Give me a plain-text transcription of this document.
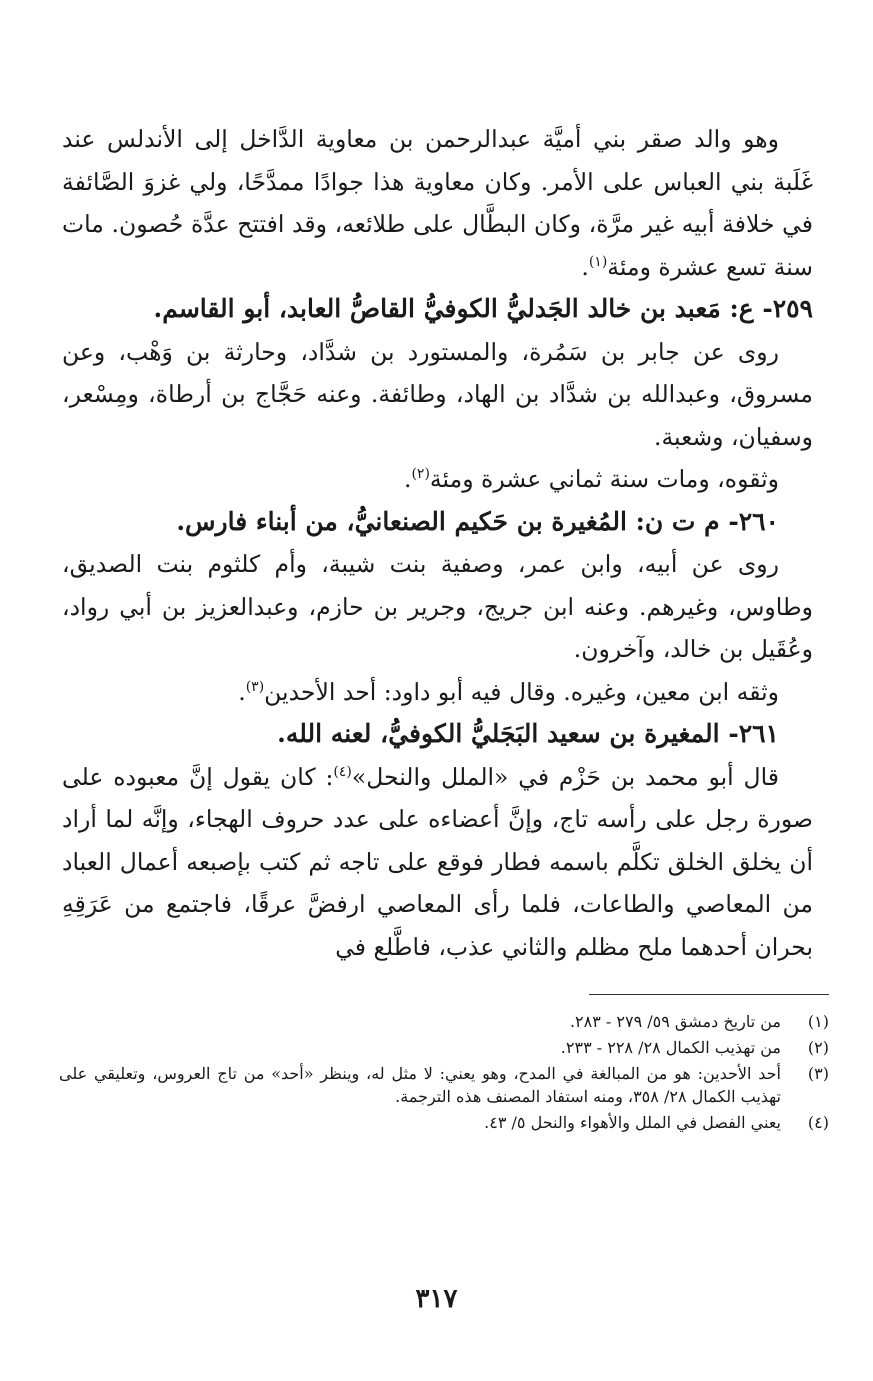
وهو والد صقر بني أميَّة عبدالرحمن بن معاوية الدَّاخل إلى الأندلس عند غَلَبة بني العباس على الأمر. وكان معاوية هذا جوادًا ممدَّحًا، ولي غزوَ الصَّائفة في خلافة أبيه غير مرَّة، وكان البطَّال على طلائعه، وقد افتتح عدَّة حُصون. مات سنة تسع عشرة ومئة$^{(١)}$.

٢٥٩- ع: مَعبد بن خالد الجَدليُّ الكوفيُّ القاصُّ العابد، أبو القاسم.

روى عن جابر بن سَمُرة، والمستورد بن شدَّاد، وحارثة بن وَهْب، وعن مسروق، وعبدالله بن شدَّاد بن الهاد، وطائفة. وعنه حَجَّاج بن أرطاة، ومِسْعر، وسفيان، وشعبة.

وثقوه، ومات سنة ثماني عشرة ومئة$^{(٢)}$.

٢٦٠- م ت ن: المُغيرة بن حَكيم الصنعانيُّ، من أبناء فارس.

روى عن أبيه، وابن عمر، وصفية بنت شيبة، وأم كلثوم بنت الصديق، وطاوس، وغيرهم. وعنه ابن جريج، وجرير بن حازم، وعبدالعزيز بن أبي رواد، وعُقَيل بن خالد، وآخرون.

وثقه ابن معين، وغيره. وقال فيه أبو داود: أحد الأحدين$^{(٣)}$.

٢٦١- المغيرة بن سعيد البَجَليُّ الكوفيُّ، لعنه الله.

قال أبو محمد بن حَزْم في «الملل والنحل»$^{(٤)}$: كان يقول إنَّ معبوده على صورة رجل على رأسه تاج، وإنَّ أعضاءه على عدد حروف الهجاء، وإنَّه لما أراد أن يخلق الخلق تكلَّم باسمه فطار فوقع على تاجه ثم كتب بإصبعه أعمال العباد من المعاصي والطاعات، فلما رأى المعاصي ارفضَّ عرقًا، فاجتمع من عَرَقِهِ بحران أحدهما ملح مظلم والثاني عذب، فاطَّلع في

(١)
من تاريخ دمشق ٥٩/ ٢٧٩ - ٢٨٣.
(٢)
من تهذيب الكمال ٢٨/ ٢٢٨ - ٢٣٣.
(٣)
أحد الأحدين: هو من المبالغة في المدح، وهو يعني: لا مثل له، وينظر «أحد» من تاج العروس، وتعليقي على تهذيب الكمال ٢٨/ ٣٥٨، ومنه استفاد المصنف هذه الترجمة.
(٤)
يعني الفصل في الملل والأهواء والنحل ٥/ ٤٣.
٣١٧
